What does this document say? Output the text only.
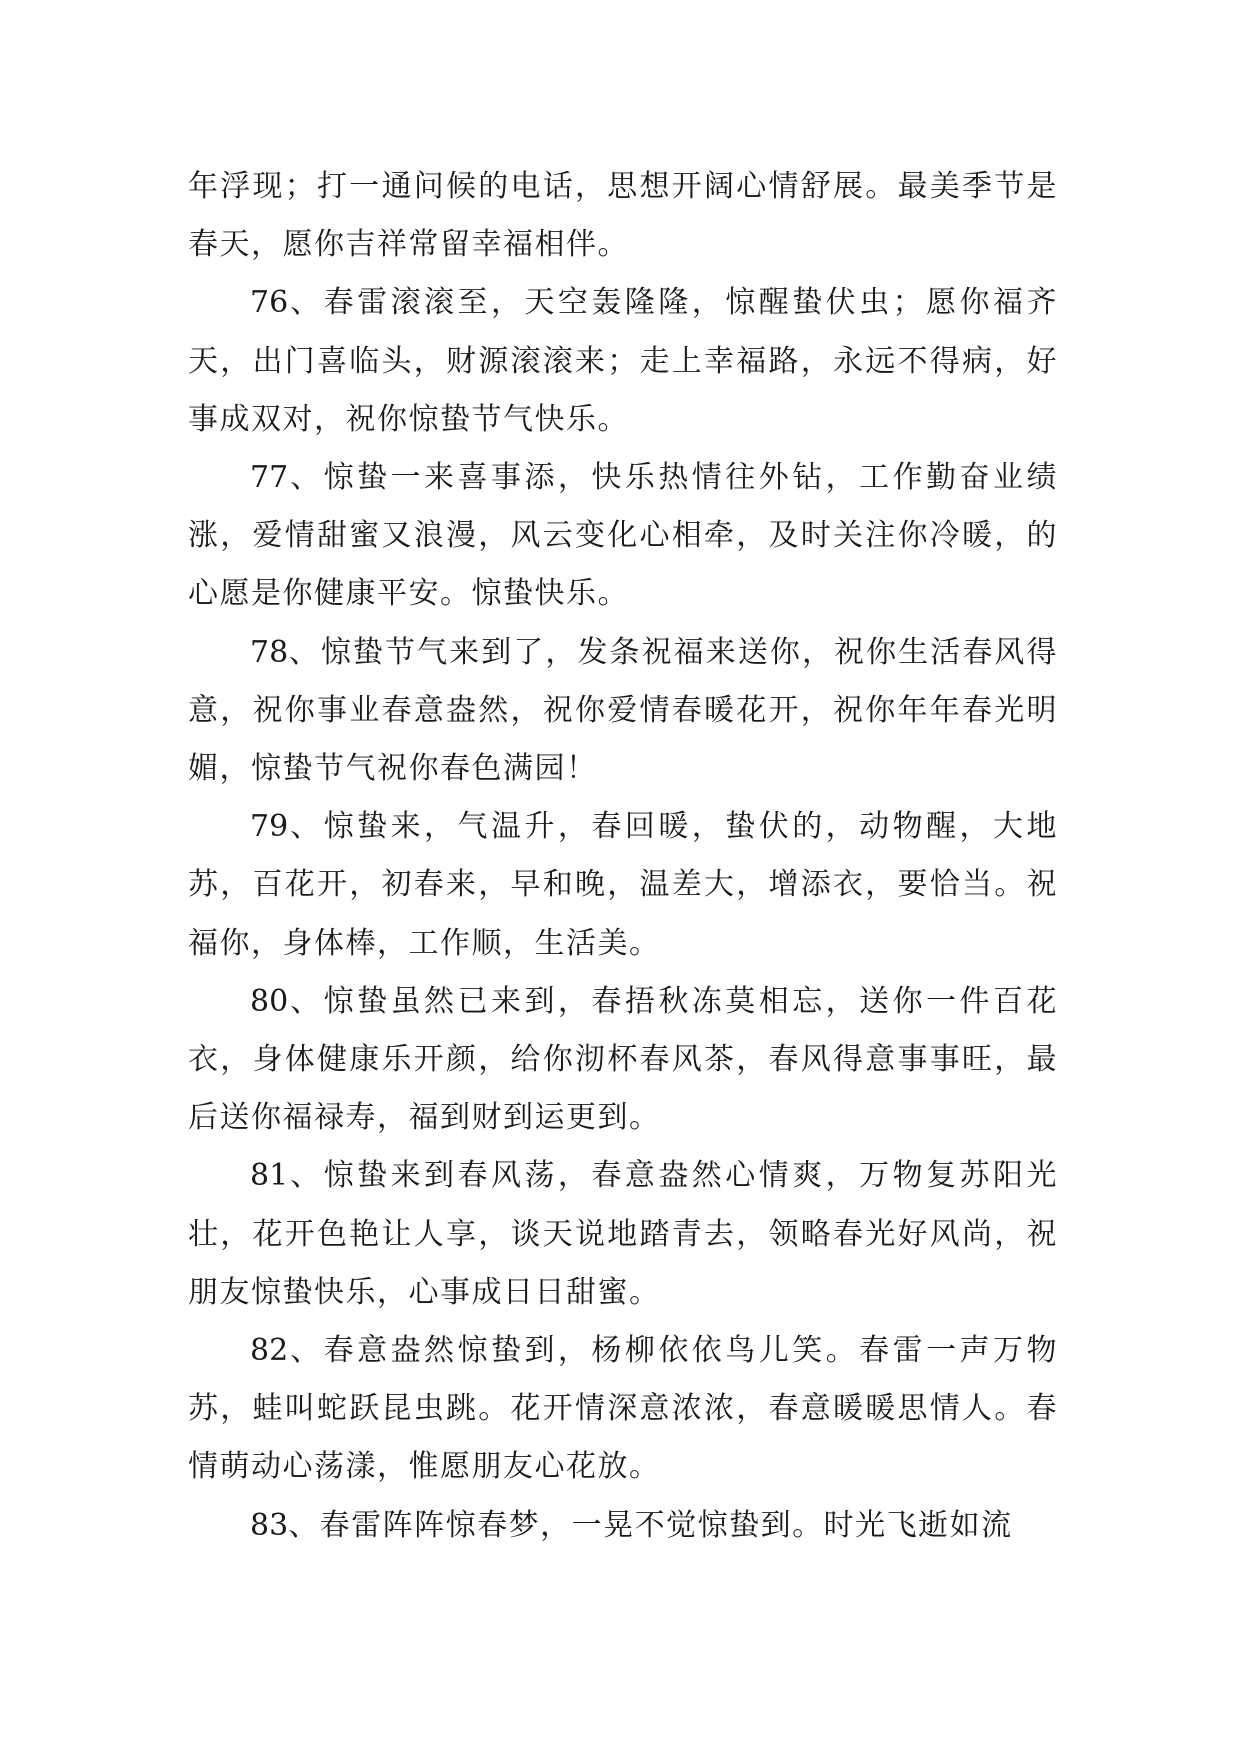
年浮现；打一通问候的电话，思想开阔心情舒展。最美季节是春天，愿你吉祥常留幸福相伴。

76、春雷滚滚至，天空轰隆隆，惊醒蛰伏虫；愿你福齐天，出门喜临头，财源滚滚来；走上幸福路，永远不得病，好事成双对，祝你惊蛰节气快乐。

77、惊蛰一来喜事添，快乐热情往外钻，工作勤奋业绩涨，爱情甜蜜又浪漫，风云变化心相牵，及时关注你冷暖，的心愿是你健康平安。惊蛰快乐。

78、惊蛰节气来到了，发条祝福来送你，祝你生活春风得意，祝你事业春意盎然，祝你爱情春暖花开，祝你年年春光明媚，惊蛰节气祝你春色满园！

79、惊蛰来，气温升，春回暖，蛰伏的，动物醒，大地苏，百花开，初春来，早和晚，温差大，增添衣，要恰当。祝福你，身体棒，工作顺，生活美。

80、惊蛰虽然已来到，春捂秋冻莫相忘，送你一件百花衣，身体健康乐开颜，给你沏杯春风茶，春风得意事事旺，最后送你福禄寿，福到财到运更到。

81、惊蛰来到春风荡，春意盎然心情爽，万物复苏阳光壮，花开色艳让人享，谈天说地踏青去，领略春光好风尚，祝朋友惊蛰快乐，心事成日日甜蜜。

82、春意盎然惊蛰到，杨柳依依鸟儿笑。春雷一声万物苏，蛙叫蛇跃昆虫跳。花开情深意浓浓，春意暖暖思情人。春情萌动心荡漾，惟愿朋友心花放。

83、春雷阵阵惊春梦，一晃不觉惊蛰到。时光飞逝如流
